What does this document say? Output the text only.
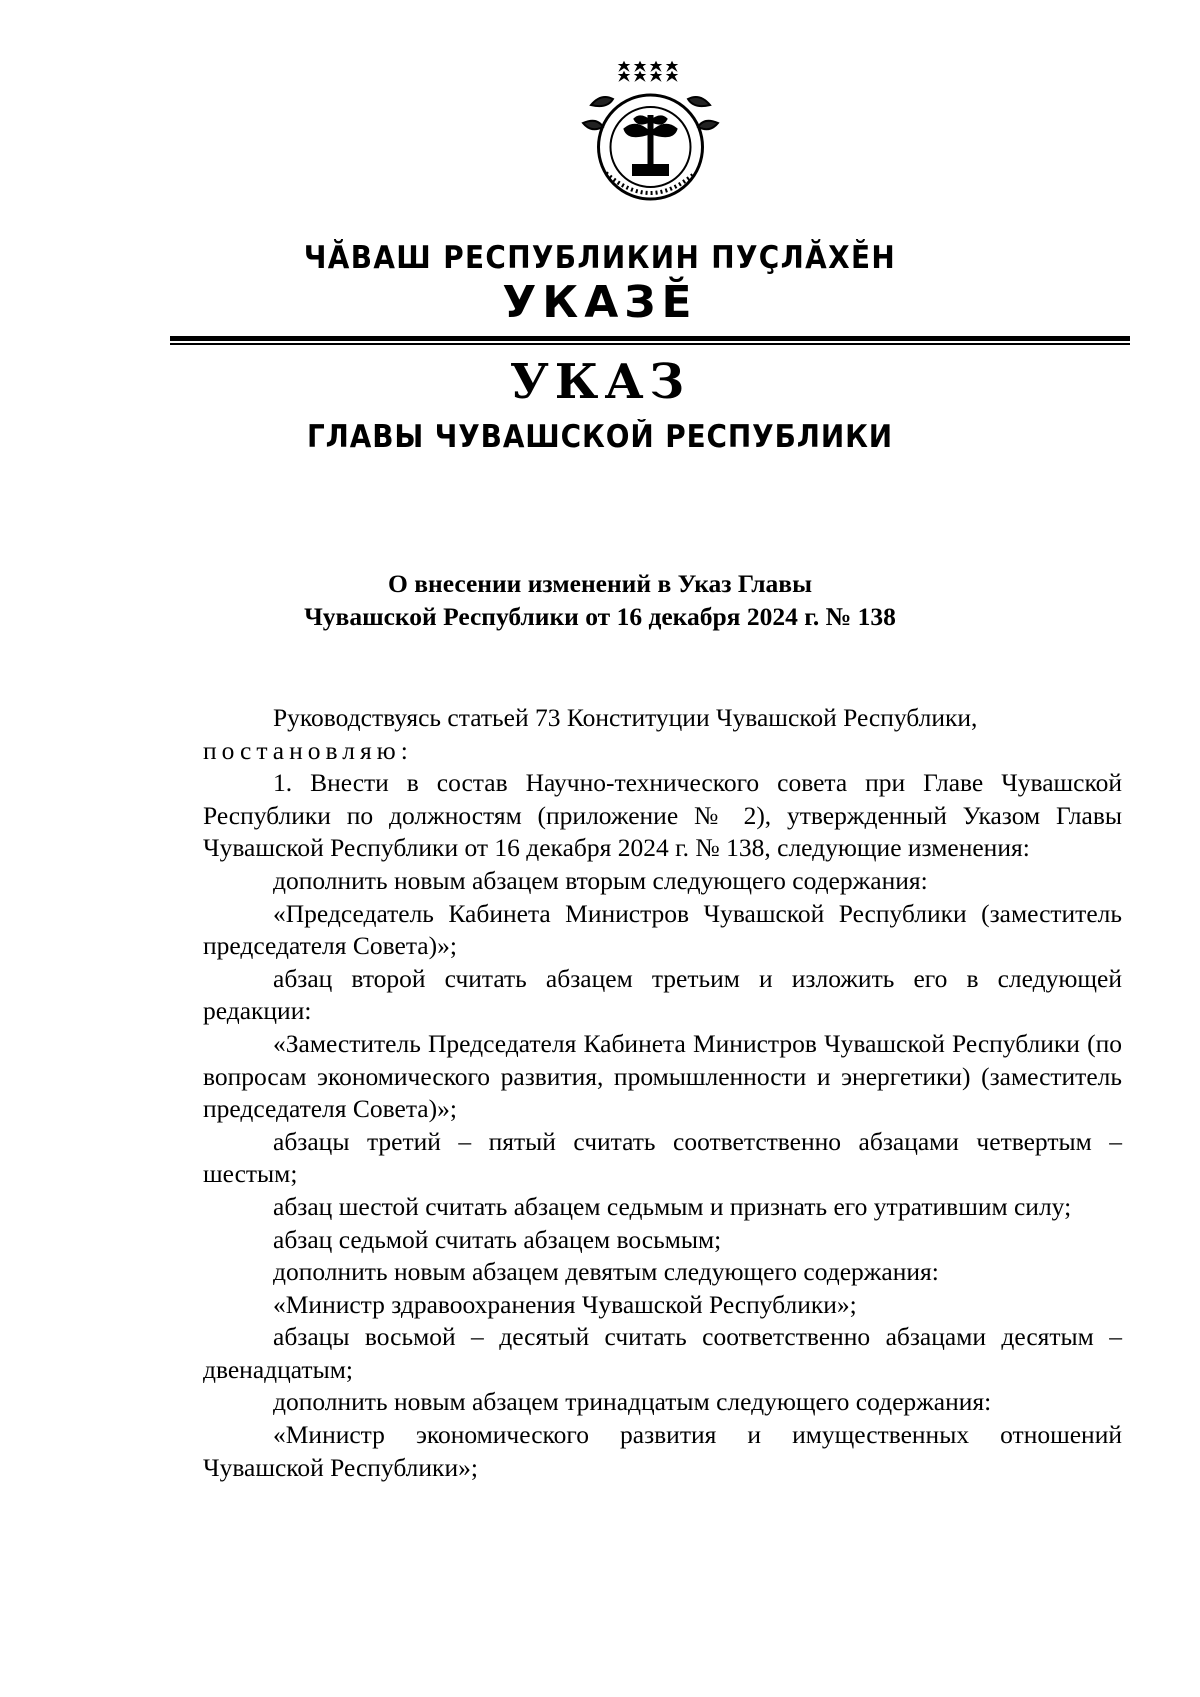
ЧĂВАШ РЕСПУБЛИКИН ПУÇЛĂХĔН
УКАЗĔ
УКАЗ
ГЛАВЫ ЧУВАШСКОЙ РЕСПУБЛИКИ
О внесении изменений в Указ Главы
Чувашской Республики от 16 декабря 2024 г. № 138

Руководствуясь статьей 73 Конституции Чувашской Республики,

постановляю:

1. Внести в состав Научно-технического совета при Главе Чувашской Республики по должностям (приложение № 2), утвержденный Указом Главы Чувашской Республики от 16 декабря 2024 г. № 138, следующие изменения:

дополнить новым абзацем вторым следующего содержания:

«Председатель Кабинета Министров Чувашской Республики (заместитель председателя Совета)»;

абзац второй считать абзацем третьим и изложить его в следующей редакции:

«Заместитель Председателя Кабинета Министров Чувашской Республики (по вопросам экономического развития, промышленности и энергетики) (заместитель председателя Совета)»;

абзацы третий – пятый считать соответственно абзацами четвертым – шестым;

абзац шестой считать абзацем седьмым и признать его утратившим силу;

абзац седьмой считать абзацем восьмым;

дополнить новым абзацем девятым следующего содержания:

«Министр здравоохранения Чувашской Республики»;

абзацы восьмой – десятый считать соответственно абзацами десятым – двенадцатым;

дополнить новым абзацем тринадцатым следующего содержания:

«Министр экономического развития и имущественных отношений Чувашской Республики»;
